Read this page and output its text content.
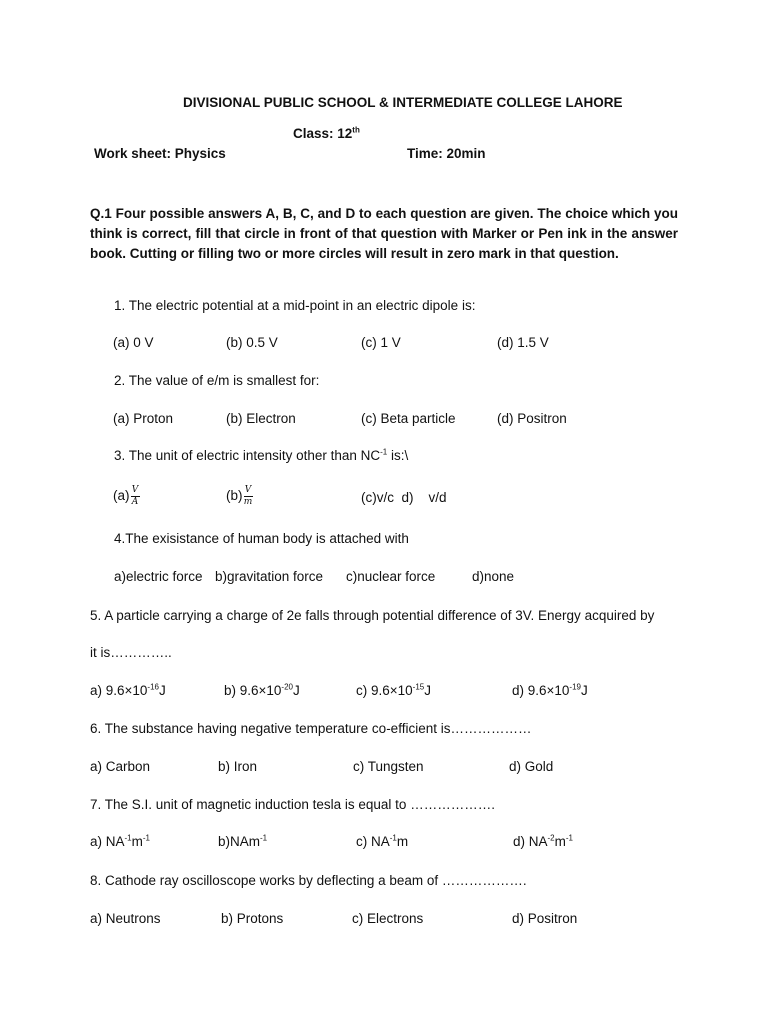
DIVISIONAL PUBLIC SCHOOL & INTERMEDIATE COLLEGE LAHORE
Class: 12th
Work sheet: Physics	Time: 20min
Q.1 Four possible answers A, B, C, and D to each question are given. The choice which you think is correct, fill that circle in front of that question with Marker or Pen ink in the answer book. Cutting or filling two or more circles will result in zero mark in that question.
1. The electric potential at a mid-point in an electric dipole is:
(a) 0 V	(b) 0.5 V	(c) 1 V	(d) 1.5 V
2. The value of e/m is smallest for:
(a) Proton	(b) Electron	(c) Beta particle	(d) Positron
3. The unit of electric intensity other than $NC^{-1}$ is:\
$(a) \frac{V}{A}$	$(b) \frac{V}{m}$	(c)v/c  d)    v/d
4.The exisistance of human body is attached with
a)electric force b)gravitation force c)nuclear force	d)none
5. A particle carrying a charge of 2e falls through potential difference of 3V. Energy acquired by
it is…………..
a) $9.6\times 10^{-16}J$	b) $9.6\times 10^{-20}J$	c) $9.6\times 10^{-15}J$	d) $9.6\times 10^{-19}J$
6. The substance having negative temperature co-efficient is………………
a) Carbon	b) Iron	c) Tungsten	d) Gold
7. The S.I. unit of magnetic induction tesla is equal to ……………….
a) $NA^{-1}m^{-1}$	b)NAm$^{-1}$	c) $NA^{-1}m$	d) $NA^{-2}m^{-1}$
8. Cathode ray oscilloscope works by deflecting a beam of ……………….
a) Neutrons	b) Protons	c) Electrons	d) Positron
